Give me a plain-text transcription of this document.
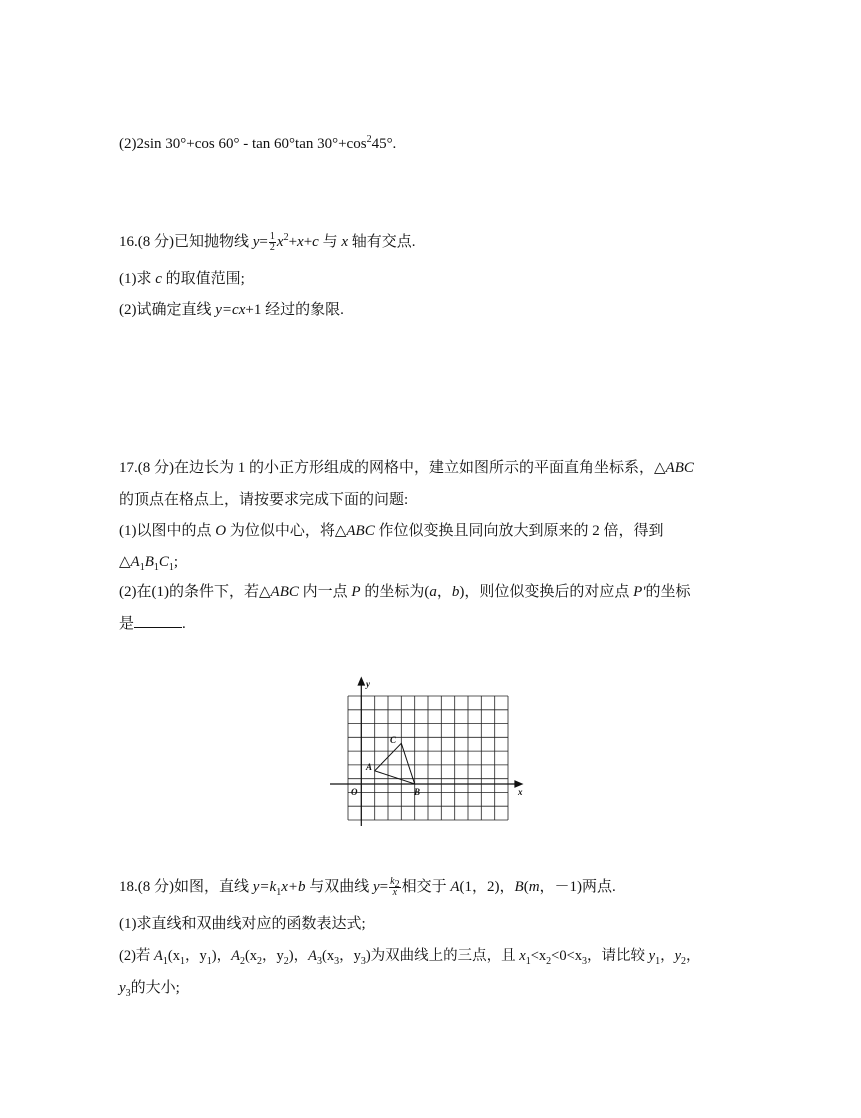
(2)2sin 30°+cos 60° - tan 60°tan $30^\circ+\cos^245^\circ$.
16.(8 分)已知抛物线 $y= \frac{1}{2} x^2+x+c$ 与 x 轴有交点.
(1)求 c 的取值范围;
(2)试确定直线 y=cx+1 经过的象限.
17.(8 分)在边长为 1 的小正方形组成的网格中，建立如图所示的平面直角坐标系，△ABC
的顶点在格点上，请按要求完成下面的问题:
(1)以图中的点 O 为位似中心，将△ABC 作位似变换且同向放大到原来的 2 倍，得到
$\triangle A_1B_1C_1$;
(2)在(1)的条件下，若△ABC 内一点 P 的坐标为(a，b)，则位似变换后的对应点 P'的坐标
是	.
y
x
O
A
B
C
18.(8 分)如图，直线 $y=k_1x+b$ 与双曲线 $y= \frac{k_2}{x}$ 相交于 A(1，2)，B(m，－1)两点.
(1)求直线和双曲线对应的函数表达式;
(2)若 $A_1(x_1$，$y_1$)，$A_2(x_2$，$y_2$)，$A_3(x_3$，$y_3$)为双曲线上的三点，且 $x_1<x_2<0<x_3$，请比较 $y_1$，$y_2$，
$y_3$的大小;
